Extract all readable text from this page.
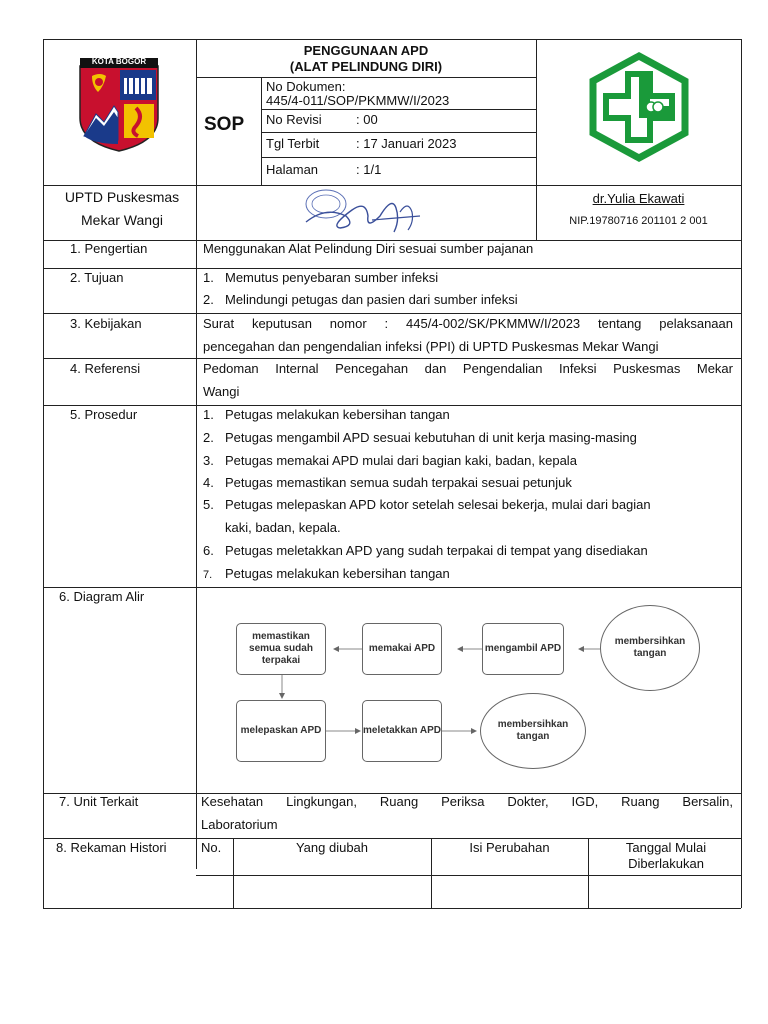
KOTA BOGOR
PENGGUNAAN APD
(ALAT PELINDUNG DIRI)
SOP
No Dokumen:
445/4-011/SOP/PKMMW/I/2023
No Revisi	: 00
Tgl Terbit	: 17 Januari 2023
Halaman	: 1/1
UPTD Puskesmas
Mekar Wangi
dr.Yulia Ekawati
NIP.19780716 201101 2 001
1. Pengertian	Menggunakan Alat Pelindung Diri sesuai sumber pajanan
2. Tujuan	1. Memutus penyebaran sumber infeksi
2. Melindungi petugas dan pasien dari sumber infeksi
3. Kebijakan	Surat keputusan nomor : 445/4-002/SK/PKMMW/I/2023 tentang pelaksanaan
pencegahan dan pengendalian infeksi (PPI) di UPTD Puskesmas Mekar Wangi
4. Referensi	Pedoman Internal Pencegahan dan Pengendalian Infeksi Puskesmas Mekar
Wangi
5. Prosedur	1. Petugas melakukan kebersihan tangan
2. Petugas mengambil APD sesuai kebutuhan di unit kerja masing-masing
3. Petugas memakai APD mulai dari bagian kaki, badan, kepala
4. Petugas memastikan semua sudah terpakai sesuai petunjuk
5. Petugas melepaskan APD kotor setelah selesai bekerja, mulai dari bagian
kaki, badan, kepala.
6. Petugas meletakkan APD yang sudah terpakai di tempat yang disediakan
7. Petugas melakukan kebersihan tangan
6. Diagram Alir
memastikan semua sudah terpakai
memakai APD	mengambil APD
membersihkan tangan
melepaskan APD	meletakkan APD
membersihkan tangan
7. Unit Terkait	Kesehatan Lingkungan, Ruang Periksa Dokter, IGD, Ruang Bersalin,
Laboratorium
8. Rekaman Histori	No.	Yang diubah	Isi Perubahan	Tanggal Mulai Diberlakukan
